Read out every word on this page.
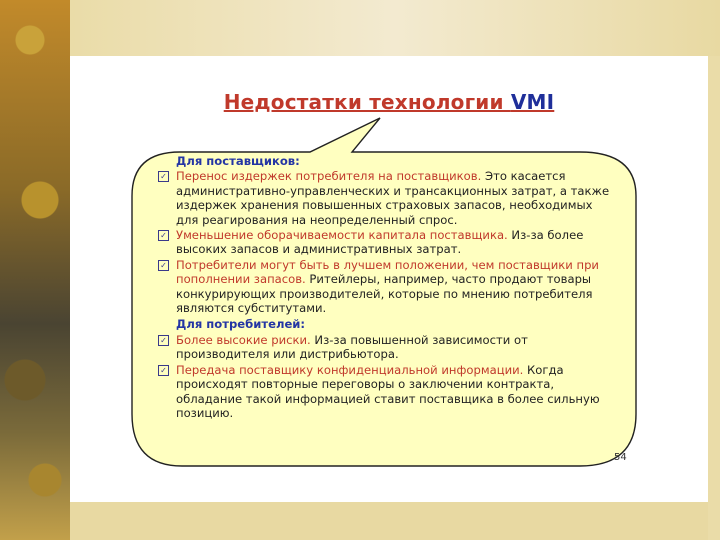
Недостатки технологии VMI
Для поставщиков:
✓ Перенос издержек потребителя на поставщиков. Это касается административно-управленческих и трансакционных затрат, а также издержек хранения повышенных страховых запасов, необходимых для реагирования на неопределенный спрос.
✓ Уменьшение оборачиваемости капитала поставщика. Из-за более высоких запасов и административных затрат.
✓ Потребители могут быть в лучшем положении, чем поставщики при пополнении запасов. Ритейлеры, например, часто продают товары конкурирующих производителей, которые по мнению потребителя являются субститутами.
Для потребителей:
✓ Более высокие риски. Из-за повышенной зависимости от производителя или дистрибьютора.
✓ Передача поставщику конфиденциальной информации. Когда происходят повторные переговоры о заключении контракта, обладание такой информацией ставит поставщика в более сильную позицию.
54
